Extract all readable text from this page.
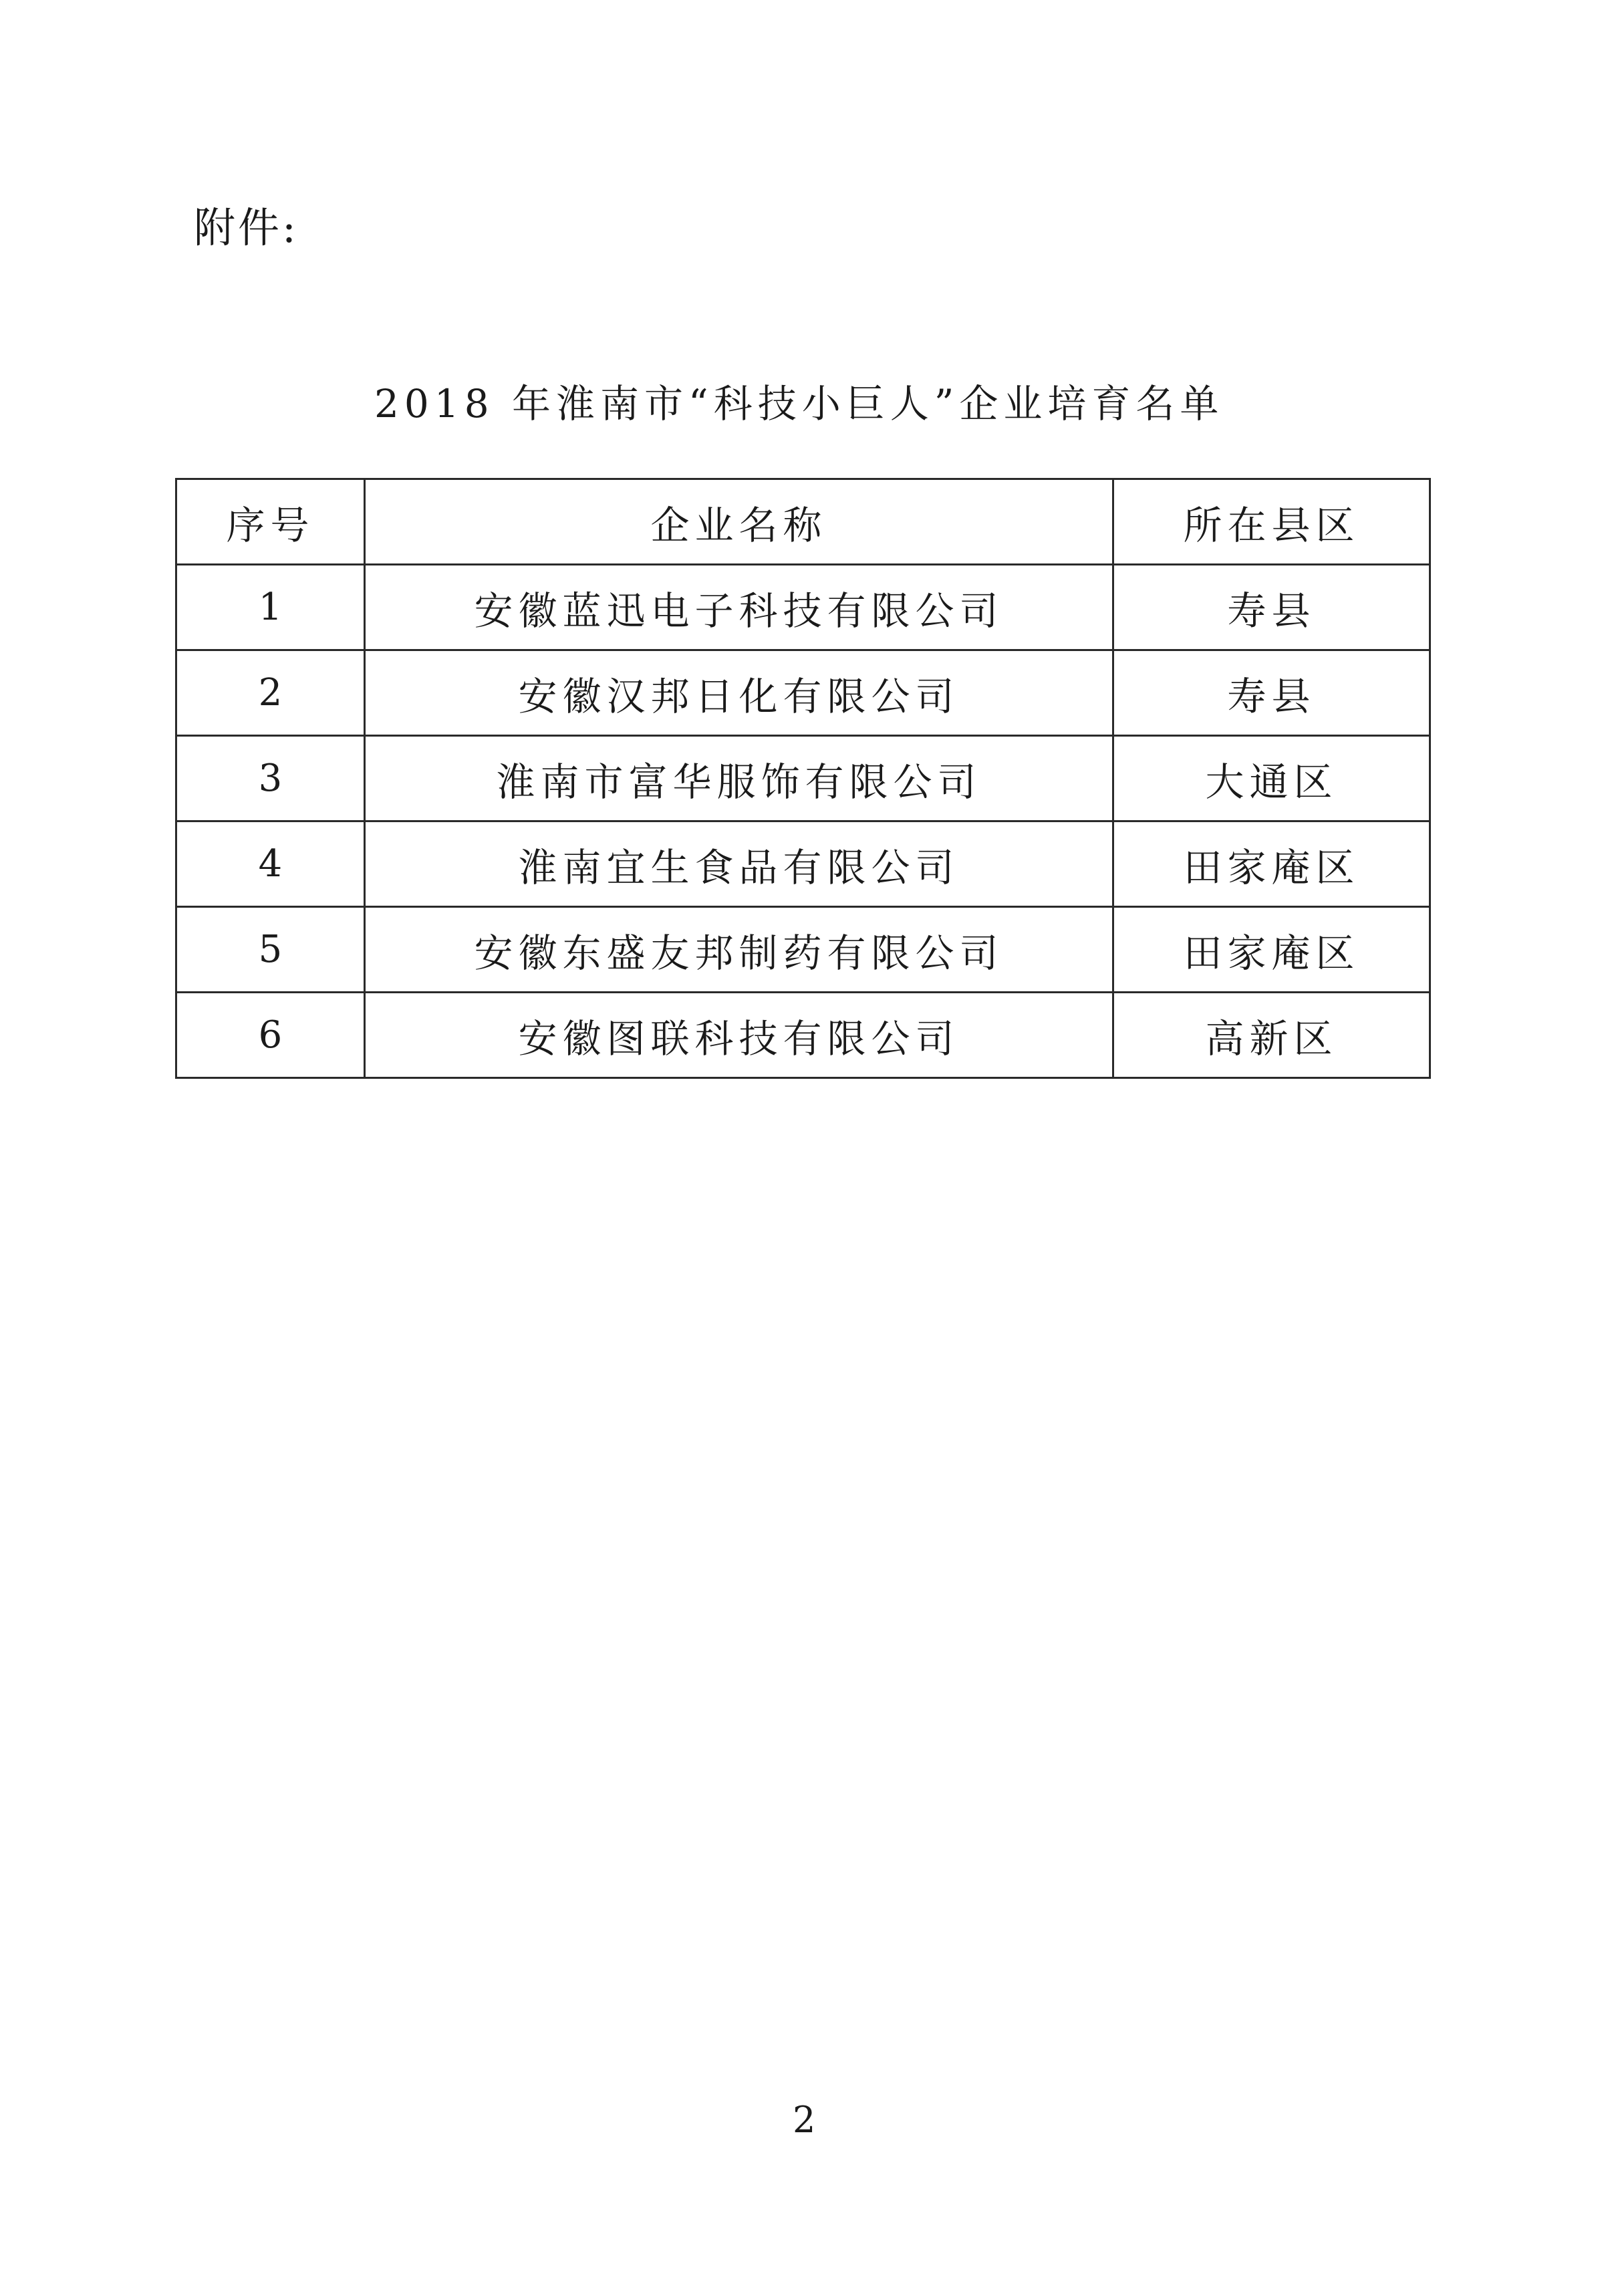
附件:
2018 年淮南市“科技小巨人”企业培育名单
序号	企业名称	所在县区
1	安徽蓝迅电子科技有限公司	寿县
2	安徽汉邦日化有限公司	寿县
3	淮南市富华服饰有限公司	大通区
4	淮南宜生食品有限公司	田家庵区
5	安徽东盛友邦制药有限公司	田家庵区
6	安徽图联科技有限公司	高新区
2
